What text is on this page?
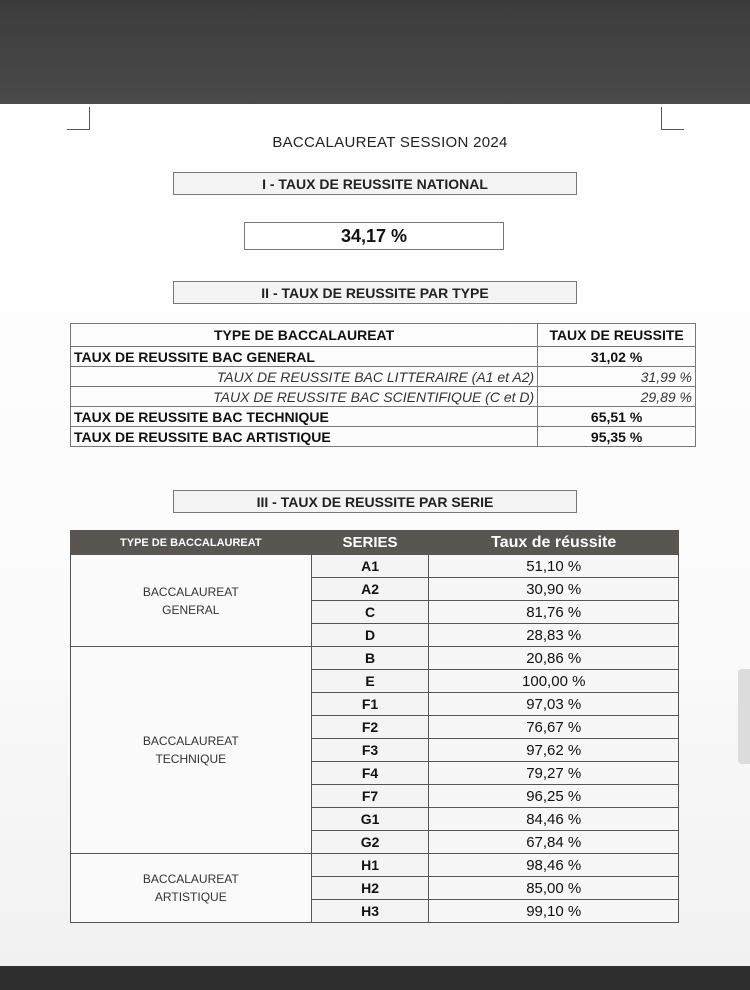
BACCALAUREAT SESSION 2024
I - TAUX DE REUSSITE NATIONAL
34,17 %
II - TAUX DE REUSSITE PAR TYPE
TYPE DE BACCALAUREAT	TAUX DE REUSSITE
TAUX DE REUSSITE BAC GENERAL	31,02 %
TAUX DE REUSSITE BAC LITTERAIRE (A1 et A2)	31,99 %
TAUX DE REUSSITE BAC SCIENTIFIQUE (C et D)	29,89 %
TAUX DE REUSSITE BAC TECHNIQUE	65,51 %
TAUX DE REUSSITE BAC ARTISTIQUE	95,35 %
III - TAUX DE REUSSITE PAR SERIE
TYPE DE BACCALAUREAT	SERIES	Taux de réussite

BACCALAUREAT
GENERAL	A1	51,10 %
	A2	30,90 %
	C	81,76 %
	D	28,83 %

BACCALAUREAT
TECHNIQUE	B	20,86 %
	E	100,00 %
	F1	97,03 %
	F2	76,67 %
	F3	97,62 %
	F4	79,27 %
	F7	96,25 %
	G1	84,46 %
	G2	67,84 %

BACCALAUREAT
ARTISTIQUE	H1	98,46 %
	H2	85,00 %
	H3	99,10 %
